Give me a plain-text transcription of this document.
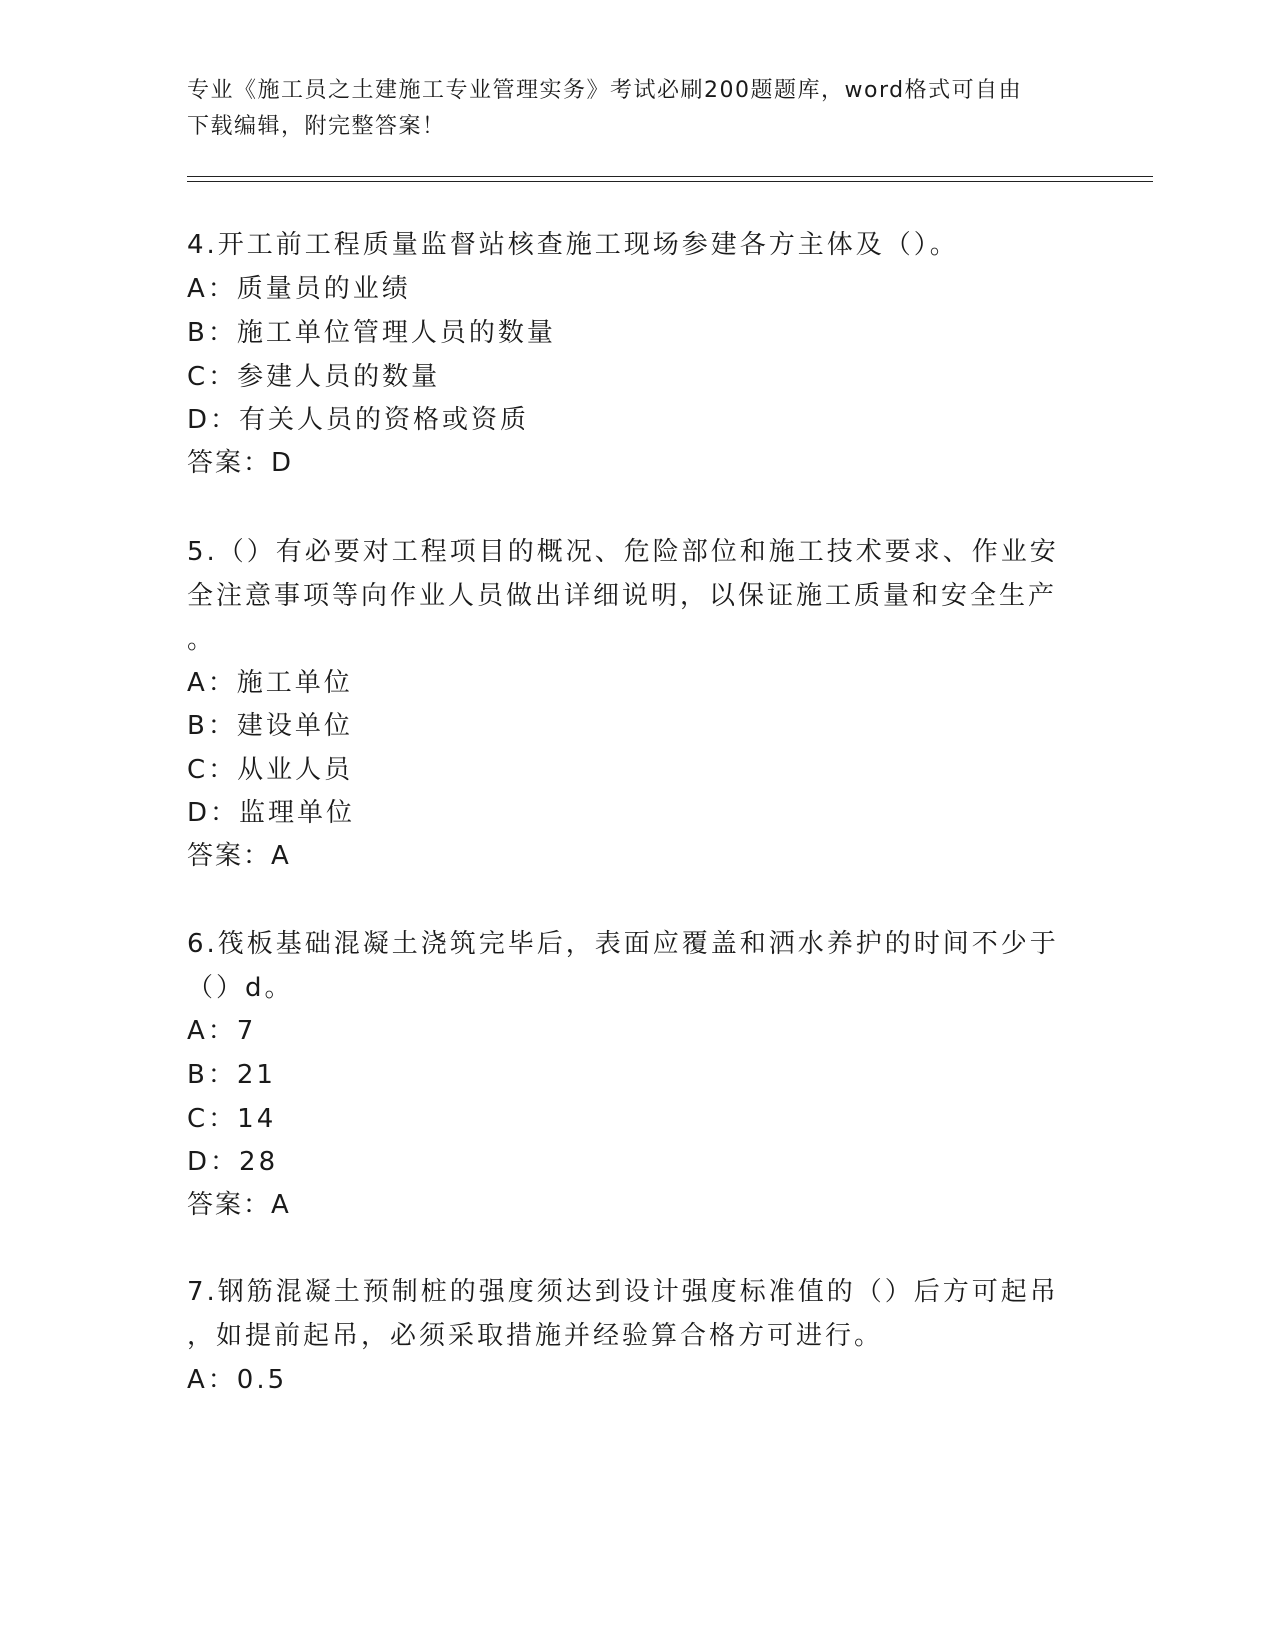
专业《施工员之土建施工专业管理实务》考试必刷200题题库，word格式可自由
下载编辑，附完整答案！

4.开工前工程质量监督站核查施工现场参建各方主体及（）。

A：质量员的业绩

B：施工单位管理人员的数量

C：参建人员的数量

D：有关人员的资格或资质

答案：D

5.（）有必要对工程项目的概况、危险部位和施工技术要求、作业安

全注意事项等向作业人员做出详细说明，以保证施工质量和安全生产

。

A：施工单位

B：建设单位

C：从业人员

D：监理单位

答案：A

6.筏板基础混凝土浇筑完毕后，表面应覆盖和洒水养护的时间不少于

（）d。

A：7

B：21

C：14

D：28

答案：A

7.钢筋混凝土预制桩的强度须达到设计强度标准值的（）后方可起吊

，如提前起吊，必须采取措施并经验算合格方可进行。

A：0.5
